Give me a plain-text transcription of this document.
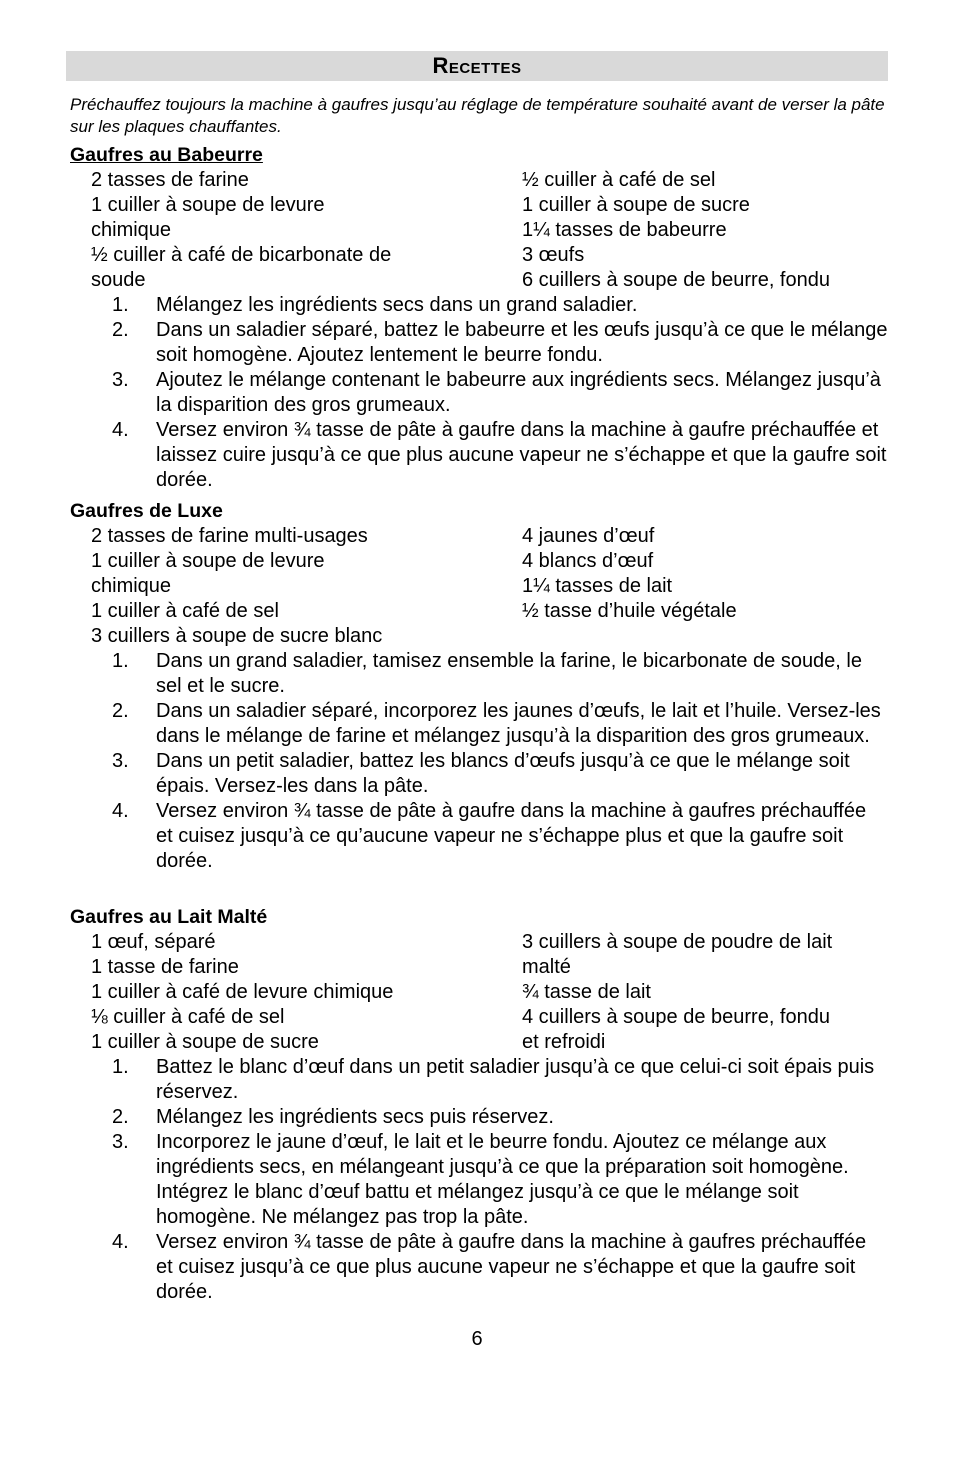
Recettes
Préchauffez toujours la machine à gaufres jusqu’au réglage de température souhaité avant de verser la pâte sur les plaques chauffantes.
Gaufres au Babeurre
2 tasses de farine
1 cuiller à soupe de levure
chimique
½ cuiller à café de bicarbonate de
soude
½ cuiller à café de sel
1 cuiller à soupe de sucre
1¼ tasses de babeurre
3 œufs
6 cuillers à soupe de beurre, fondu
1. Mélangez les ingrédients secs dans un grand saladier.
2. Dans un saladier séparé, battez le babeurre et les œufs jusqu’à ce que le mélange soit homogène. Ajoutez lentement le beurre fondu.
3. Ajoutez le mélange contenant le babeurre aux ingrédients secs. Mélangez jusqu’à la disparition des gros grumeaux.
4. Versez environ ¾ tasse de pâte à gaufre dans la machine à gaufre préchauffée et laissez cuire jusqu’à ce que plus aucune vapeur ne s’échappe et que la gaufre soit dorée.
Gaufres de Luxe
2 tasses de farine multi-usages
1 cuiller à soupe de levure
chimique
1 cuiller à café de sel
3 cuillers à soupe de sucre blanc
4 jaunes d’œuf
4 blancs d’œuf
1¼ tasses de lait
½ tasse d’huile végétale
1. Dans un grand saladier, tamisez ensemble la farine, le bicarbonate de soude, le sel et le sucre.
2. Dans un saladier séparé, incorporez les jaunes d’œufs, le lait et l’huile. Versez-les dans le mélange de farine et mélangez jusqu’à la disparition des gros grumeaux.
3. Dans un petit saladier, battez les blancs d’œufs jusqu’à ce que le mélange soit épais. Versez-les dans la pâte.
4. Versez environ ¾ tasse de pâte à gaufre dans la machine à gaufres préchauffée et cuisez jusqu’à ce qu’aucune vapeur ne s’échappe plus et que la gaufre soit dorée.
Gaufres au Lait Malté
1 œuf, séparé
1 tasse de farine
1 cuiller à café de levure chimique
⅛ cuiller à café de sel
1 cuiller à soupe de sucre
3 cuillers à soupe de poudre de lait
malté
¾ tasse de lait
4 cuillers à soupe de beurre, fondu
et refroidi
1. Battez le blanc d’œuf dans un petit saladier jusqu’à ce que celui-ci soit épais puis réservez.
2. Mélangez les ingrédients secs puis réservez.
3. Incorporez le jaune d’œuf, le lait et le beurre fondu. Ajoutez ce mélange aux ingrédients secs, en mélangeant jusqu’à ce que la préparation soit homogène. Intégrez le blanc d’œuf battu et mélangez jusqu’à ce que le mélange soit homogène. Ne mélangez pas trop la pâte.
4. Versez environ ¾ tasse de pâte à gaufre dans la machine à gaufres préchauffée et cuisez jusqu’à ce que plus aucune vapeur ne s’échappe et que la gaufre soit dorée.
6
